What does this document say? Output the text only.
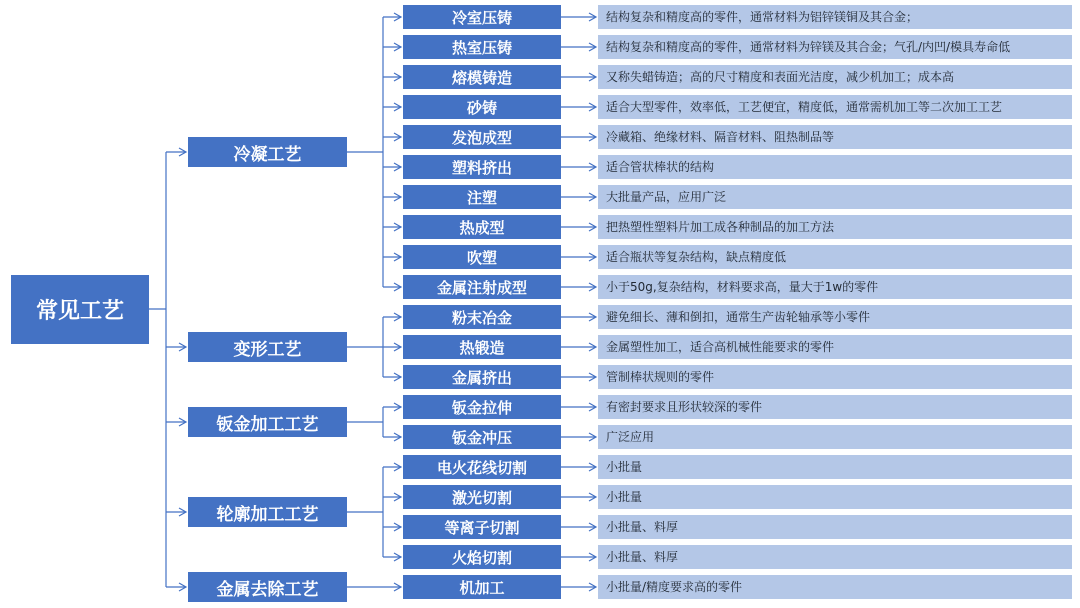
常见工艺
冷凝工艺
变形工艺
钣金加工工艺
轮廓加工工艺
金属去除工艺
冷室压铸
热室压铸
熔模铸造
砂铸
发泡成型
塑料挤出
注塑
热成型
吹塑
金属注射成型
粉末冶金
热锻造
金属挤出
钣金拉伸
钣金冲压
电火花线切割
激光切割
等离子切割
火焰切割
机加工
结构复杂和精度高的零件，通常材料为铝锌镁铜及其合金；
结构复杂和精度高的零件，通常材料为锌镁及其合金；气孔/内凹/模具寿命低
又称失蜡铸造；高的尺寸精度和表面光洁度，减少机加工；成本高
适合大型零件，效率低，工艺便宜，精度低，通常需机加工等二次加工工艺
冷藏箱、绝缘材料、隔音材料、阻热制品等
适合管状棒状的结构
大批量产品，应用广泛
把热塑性塑料片加工成各种制品的加工方法
适合瓶状等复杂结构，缺点精度低
小于50g,复杂结构，材料要求高，量大于1w的零件
避免细长、薄和倒扣，通常生产齿轮轴承等小零件
金属塑性加工，适合高机械性能要求的零件
管制棒状规则的零件
有密封要求且形状较深的零件
广泛应用
小批量
小批量
小批量、料厚
小批量、料厚
小批量/精度要求高的零件
